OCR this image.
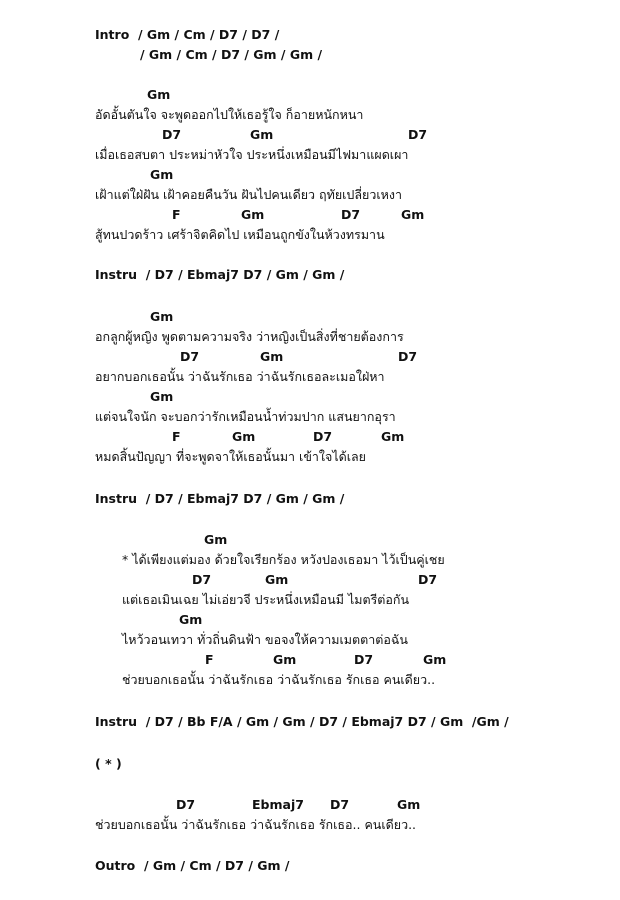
Intro  / Gm / Cm / D7 / D7 /
/ Gm / Cm / D7 / Gm / Gm /
Gm
อัดอั้นตันใจ จะพูดออกไปให้เธอรู้ใจ ก็อายหนักหนา
D7	Gm	D7
เมื่อเธอสบตา ประหม่าหัวใจ ประหนึ่งเหมือนมีไฟมาแผดเผา
Gm
เฝ้าแต่ใฝ่ฝัน เฝ้าคอยคืนวัน ฝันไปคนเดียว ฤทัยเปลี่ยวเหงา
F	Gm	D7	Gm
สู้ทนปวดร้าว เศร้าจิตคิดไป เหมือนถูกขังในห้วงทรมาน
Instru  / D7 / Ebmaj7 D7 / Gm / Gm /
Gm
อกลูกผู้หญิง พูดตามความจริง ว่าหญิงเป็นสิ่งที่ชายต้องการ
D7	Gm	D7
อยากบอกเธอนั้น ว่าฉันรักเธอ ว่าฉันรักเธอละเมอใฝ่หา
Gm
แต่จนใจนัก จะบอกว่ารักเหมือนน้ำท่วมปาก แสนยากอุรา
F	Gm	D7	Gm
หมดสิ้นปัญญา ที่จะพูดจาให้เธอนั้นมา เข้าใจได้เลย
Instru  / D7 / Ebmaj7 D7 / Gm / Gm /
Gm
* ได้เพียงแต่มอง ด้วยใจเรียกร้อง หวังปองเธอมา ไว้เป็นคู่เชย
D7	Gm	D7
แต่เธอเมินเฉย ไม่เอ่ยวจี ประหนึ่งเหมือนมี ไมตรีต่อกัน
Gm
ไหว้วอนเทวา ทั่วถิ่นดินฟ้า ขอจงให้ความเมตตาต่อฉัน
F	Gm	D7	Gm
ช่วยบอกเธอนั้น ว่าฉันรักเธอ ว่าฉันรักเธอ รักเธอ คนเดียว..
Instru  / D7 / Bb F/A / Gm / Gm / D7 / Ebmaj7 D7 / Gm  /Gm /
( * )
D7	Ebmaj7 D7	Gm
ช่วยบอกเธอนั้น ว่าฉันรักเธอ ว่าฉันรักเธอ รักเธอ.. คนเดียว..
Outro  / Gm / Cm / D7 / Gm /
